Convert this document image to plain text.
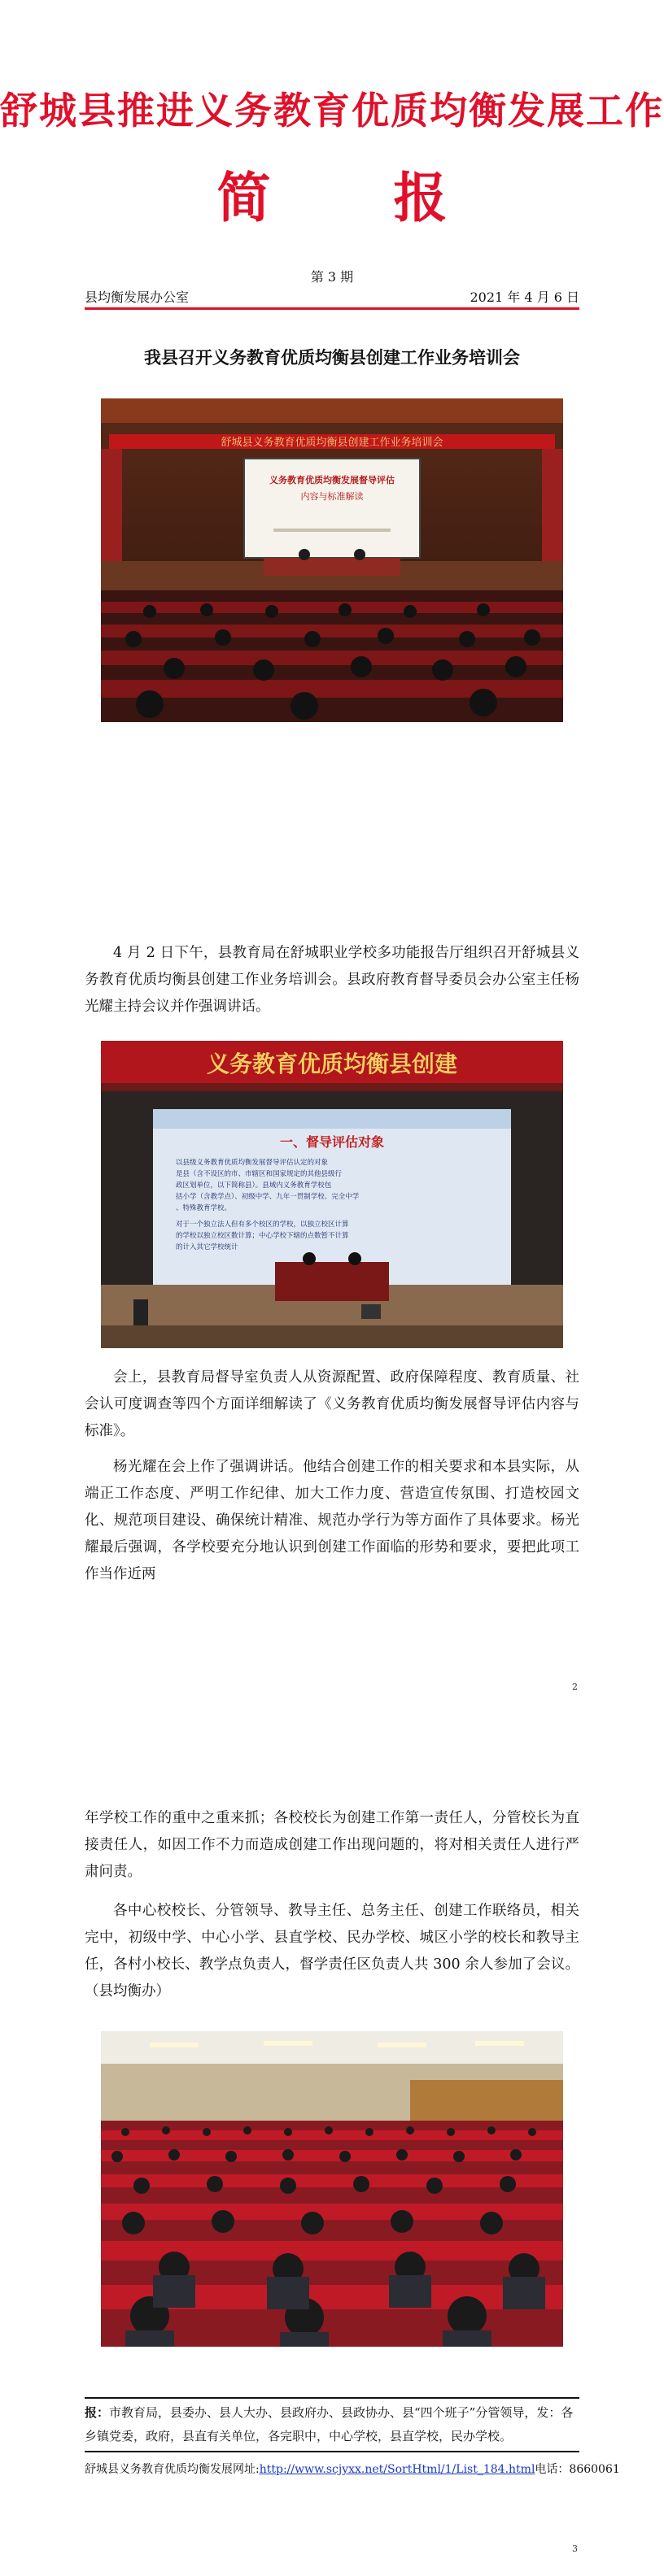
舒城县推进义务教育优质均衡发展工作
简 报
第 3 期
县均衡发展办公室	2021 年 4 月 6 日
我县召开义务教育优质均衡县创建工作业务培训会
舒城县义务教育优质均衡县创建工作业务培训会
义务教育优质均衡发展督导评估
内容与标准解读
4 月 2 日下午，县教育局在舒城职业学校多功能报告厅组织召开舒城县义务教育优质均衡县创建工作业务培训会。县政府教育督导委员会办公室主任杨光耀主持会议并作强调讲话。
义务教育优质均衡县创建
一、督导评估对象
以县级义务教育优质均衡发展督导评估认定的对象
是县（含不设区的市、市辖区和国家规定的其他县级行
政区划单位，以下简称县）。县域内义务教育学校包
括小学（含教学点）、初级中学、九年一贯制学校、完全中学
、特殊教育学校。
对于一个独立法人但有多个校区的学校，以独立校区计算
的学校以独立校区数计算；中心学校下辖的点数暂不计算
的计入其它学校统计
会上，县教育局督导室负责人从资源配置、政府保障程度、教育质量、社会认可度调查等四个方面详细解读了《义务教育优质均衡发展督导评估内容与标准》。
杨光耀在会上作了强调讲话。他结合创建工作的相关要求和本县实际，从端正工作态度、严明工作纪律、加大工作力度、营造宣传氛围、打造校园文化、规范项目建设、确保统计精准、规范办学行为等方面作了具体要求。杨光耀最后强调，各学校要充分地认识到创建工作面临的形势和要求，要把此项工作当作近两
2
年学校工作的重中之重来抓；各校校长为创建工作第一责任人，分管校长为直接责任人，如因工作不力而造成创建工作出现问题的，将对相关责任人进行严肃问责。
各中心校校长、分管领导、教导主任、总务主任、创建工作联络员，相关完中，初级中学、中心小学、县直学校、民办学校、城区小学的校长和教导主任，各村小校长、教学点负责人，督学责任区负责人共 300 余人参加了会议。（县均衡办）
报：市教育局，县委办、县人大办、县政府办、县政协办、县“四个班子”分管领导，发：各乡镇党委，政府，县直有关单位，各完职中，中心学校，县直学校，民办学校。
舒城县义务教育优质均衡发展网址:http://www.scjyxx.net/SortHtml/1/List_184.html电话：8660061
3
